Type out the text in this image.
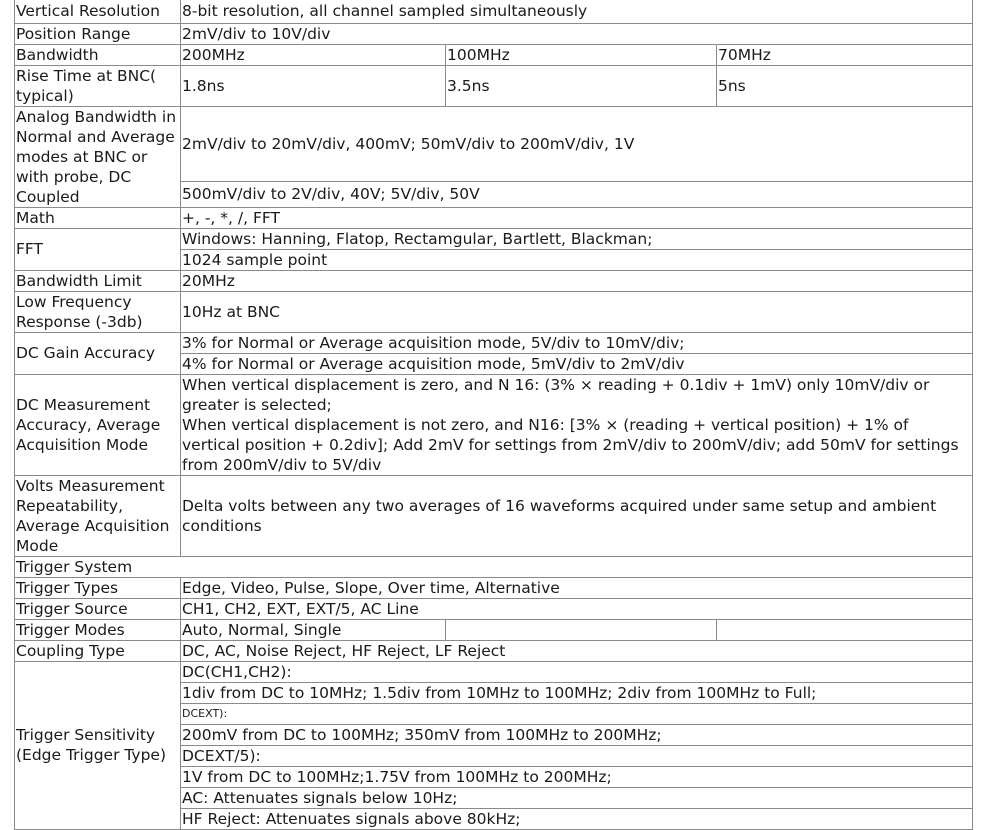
Vertical Resolution	8-bit resolution, all channel sampled simultaneously		
Position Range	2mV/div to 10V/div		
Bandwidth	200MHz	100MHz	70MHz
Rise Time at BNC( typical)	1.8ns	3.5ns	5ns
Analog Bandwidth in Normal and Average modes at BNC or with probe, DC Coupled	2mV/div to 20mV/div, 400mV; 50mV/div to 200mV/div, 1V		
	500mV/div to 2V/div, 40V; 5V/div, 50V		
Math	+, -, *, /, FFT		
FFT	Windows: Hanning, Flatop, Rectamgular, Bartlett, Blackman;		
	1024 sample point		
Bandwidth Limit	20MHz		
Low Frequency Response (-3db)	10Hz at BNC		
DC Gain Accuracy	3% for Normal or Average acquisition mode, 5V/div to 10mV/div;		
	4% for Normal or Average acquisition mode, 5mV/div to 2mV/div		
DC Measurement Accuracy, Average Acquisition Mode	When vertical displacement is zero, and N 16: (3% × reading + 0.1div + 1mV) only 10mV/div or greater is selected;
When vertical displacement is not zero, and N16: [3% × (reading + vertical position) + 1% of vertical position + 0.2div]; Add 2mV for settings from 2mV/div to 200mV/div; add 50mV for settings from 200mV/div to 5V/div		

Volts Measurement Repeatability, Average Acquisition Mode	Delta volts between any two averages of 16 waveforms acquired under same setup and ambient conditions		
Trigger System			
Trigger Types	Edge, Video, Pulse, Slope, Over time, Alternative		
Trigger Source	CH1, CH2, EXT, EXT/5, AC Line		
Trigger Modes	Auto, Normal, Single		
Coupling Type	DC, AC, Noise Reject, HF Reject, LF Reject		
Trigger Sensitivity (Edge Trigger Type)	DC(CH1,CH2):		
	1div from DC to 10MHz; 1.5div from 10MHz to 100MHz; 2div from 100MHz to Full;		
	DCEXT):		
	200mV from DC to 100MHz; 350mV from 100MHz to 200MHz;		
	DCEXT/5):		
	1V from DC to 100MHz;1.75V from 100MHz to 200MHz;		
	AC: Attenuates signals below 10Hz;		
	HF Reject: Attenuates signals above 80kHz;		
